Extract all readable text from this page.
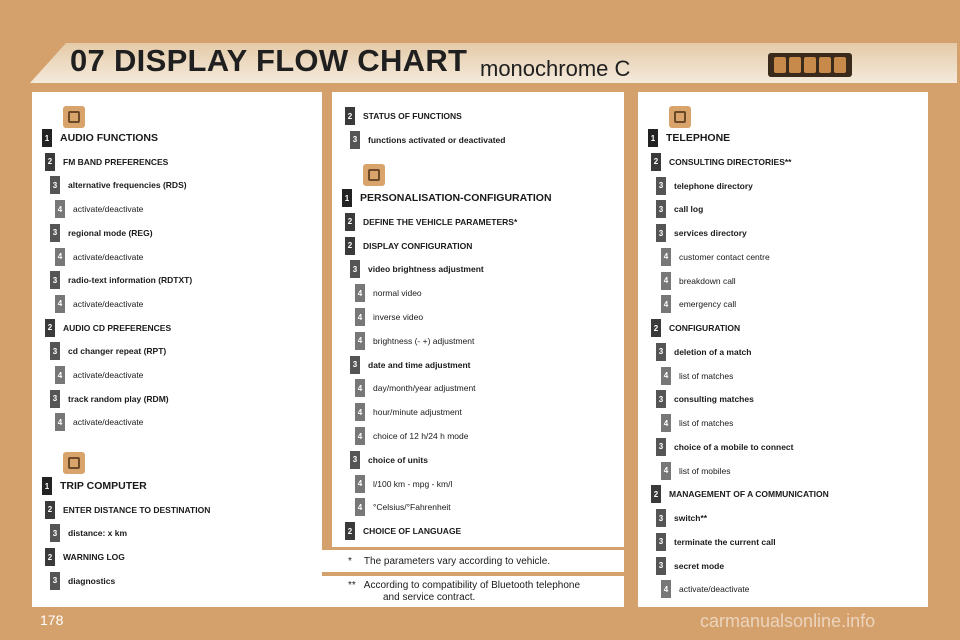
07 DISPLAY FLOW CHART monochrome C
1 AUDIO FUNCTIONS
2	FM BAND PREFERENCES
3	alternative frequencies (RDS)
4	activate/deactivate
3	regional mode (REG)
4	activate/deactivate
3	radio-text information (RDTXT)
4	activate/deactivate
2	AUDIO CD PREFERENCES
3	cd changer repeat (RPT)
4	activate/deactivate
3	track random play (RDM)
4	activate/deactivate
1 TRIP COMPUTER
2	ENTER DISTANCE TO DESTINATION
3	distance: x km
2	WARNING LOG
3	diagnostics
2	STATUS OF FUNCTIONS
3	functions activated or deactivated
1 PERSONALISATION-CONFIGURATION
2	DEFINE THE VEHICLE PARAMETERS*
2	DISPLAY CONFIGURATION
3	video brightness adjustment
4	normal video
4	inverse video
4	brightness (- +) adjustment
3	date and time adjustment
4	day/month/year adjustment
4	hour/minute adjustment
4	choice of 12 h/24 h mode
3	choice of units
4	l/100 km - mpg - km/l
4	°Celsius/°Fahrenheit
2	CHOICE OF LANGUAGE
* The parameters vary according to vehicle.
** According to compatibility of Bluetooth telephone
and service contract.
1 TELEPHONE
2	CONSULTING DIRECTORIES**
3	telephone directory
3	call log
3	services directory
4	customer contact centre
4	breakdown call
4	emergency call
2	CONFIGURATION
3	deletion of a match
4	list of matches
3	consulting matches
4	list of matches
3	choice of a mobile to connect
4	list of mobiles
2	MANAGEMENT OF A COMMUNICATION
3	switch**
3	terminate the current call
3	secret mode
4	activate/deactivate
178	carmanualsonline.info
